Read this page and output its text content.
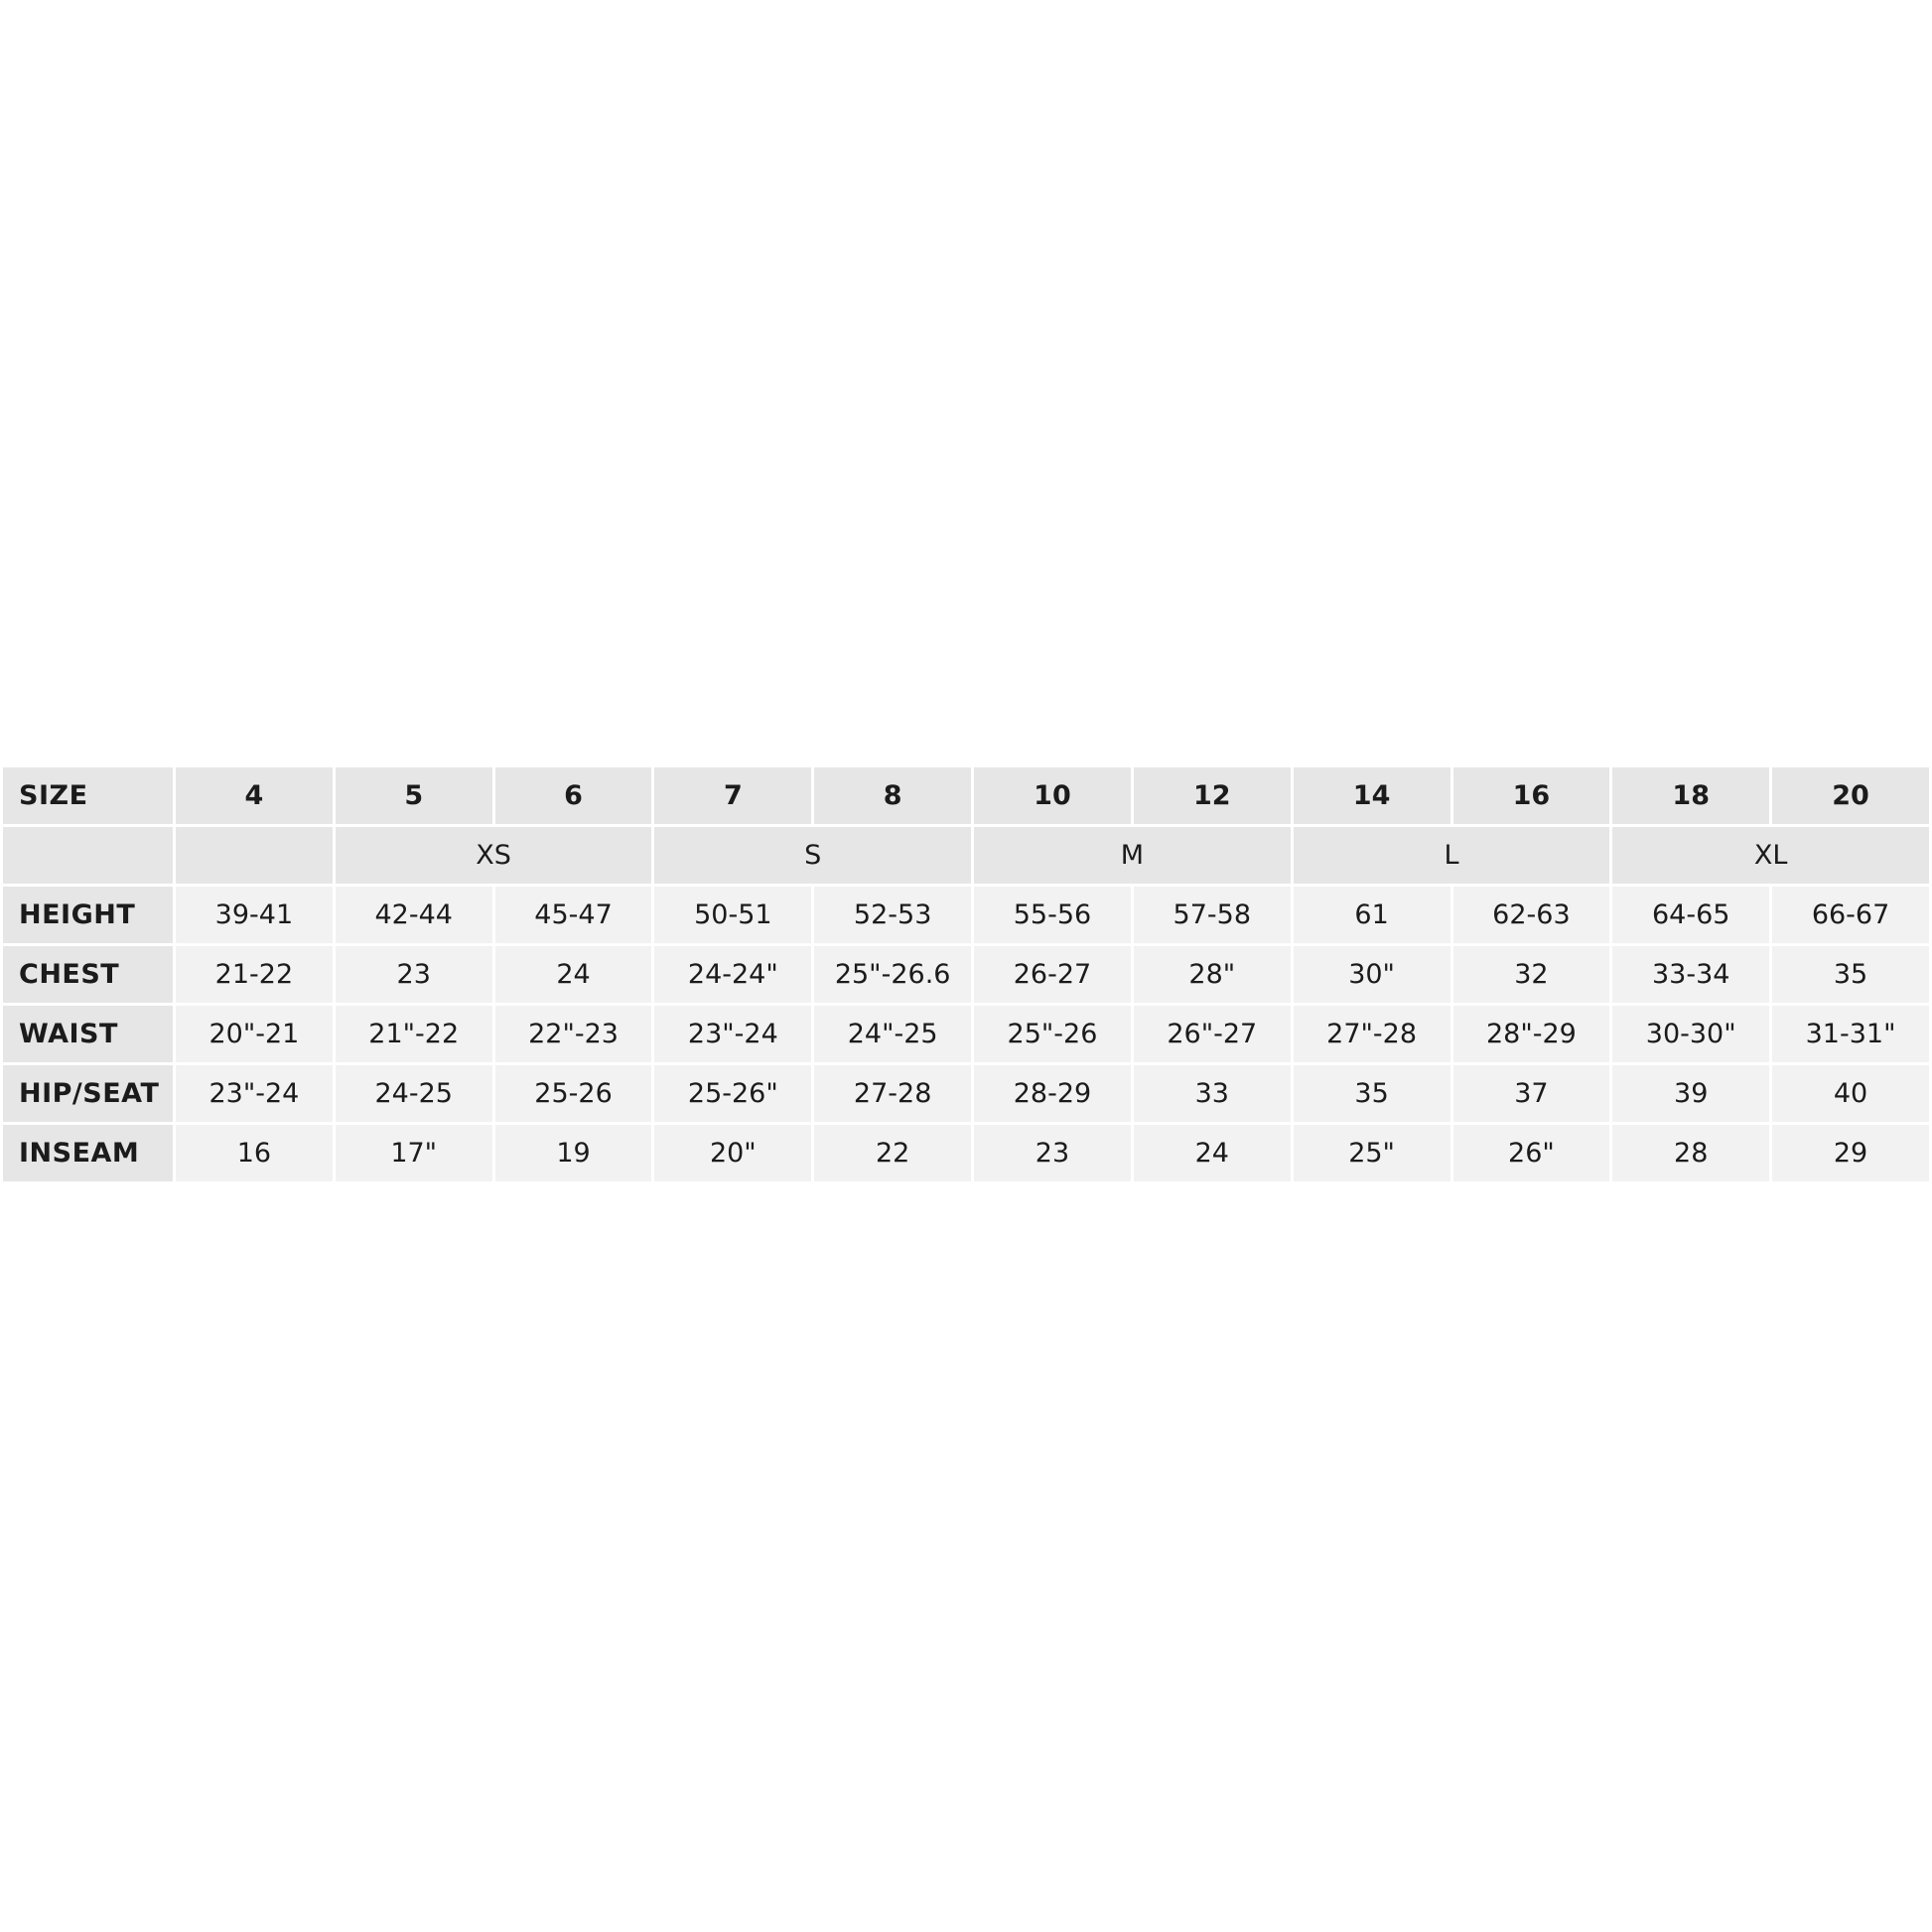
SIZE	4	5	6	7	8	10	12	14	16	18	20
		XS		S		M		L		XL	
HEIGHT	39-41	42-44	45-47	50-51	52-53	55-56	57-58	61	62-63	64-65	66-67
CHEST	21-22	23	24	24-24"	25"-26.6	26-27	28"	30"	32	33-34	35
WAIST	20"-21	21"-22	22"-23	23"-24	24"-25	25"-26	26"-27	27"-28	28"-29	30-30"	31-31"
HIP/SEAT	23"-24	24-25	25-26	25-26"	27-28	28-29	33	35	37	39	40
INSEAM	16	17"	19	20"	22	23	24	25"	26"	28	29
